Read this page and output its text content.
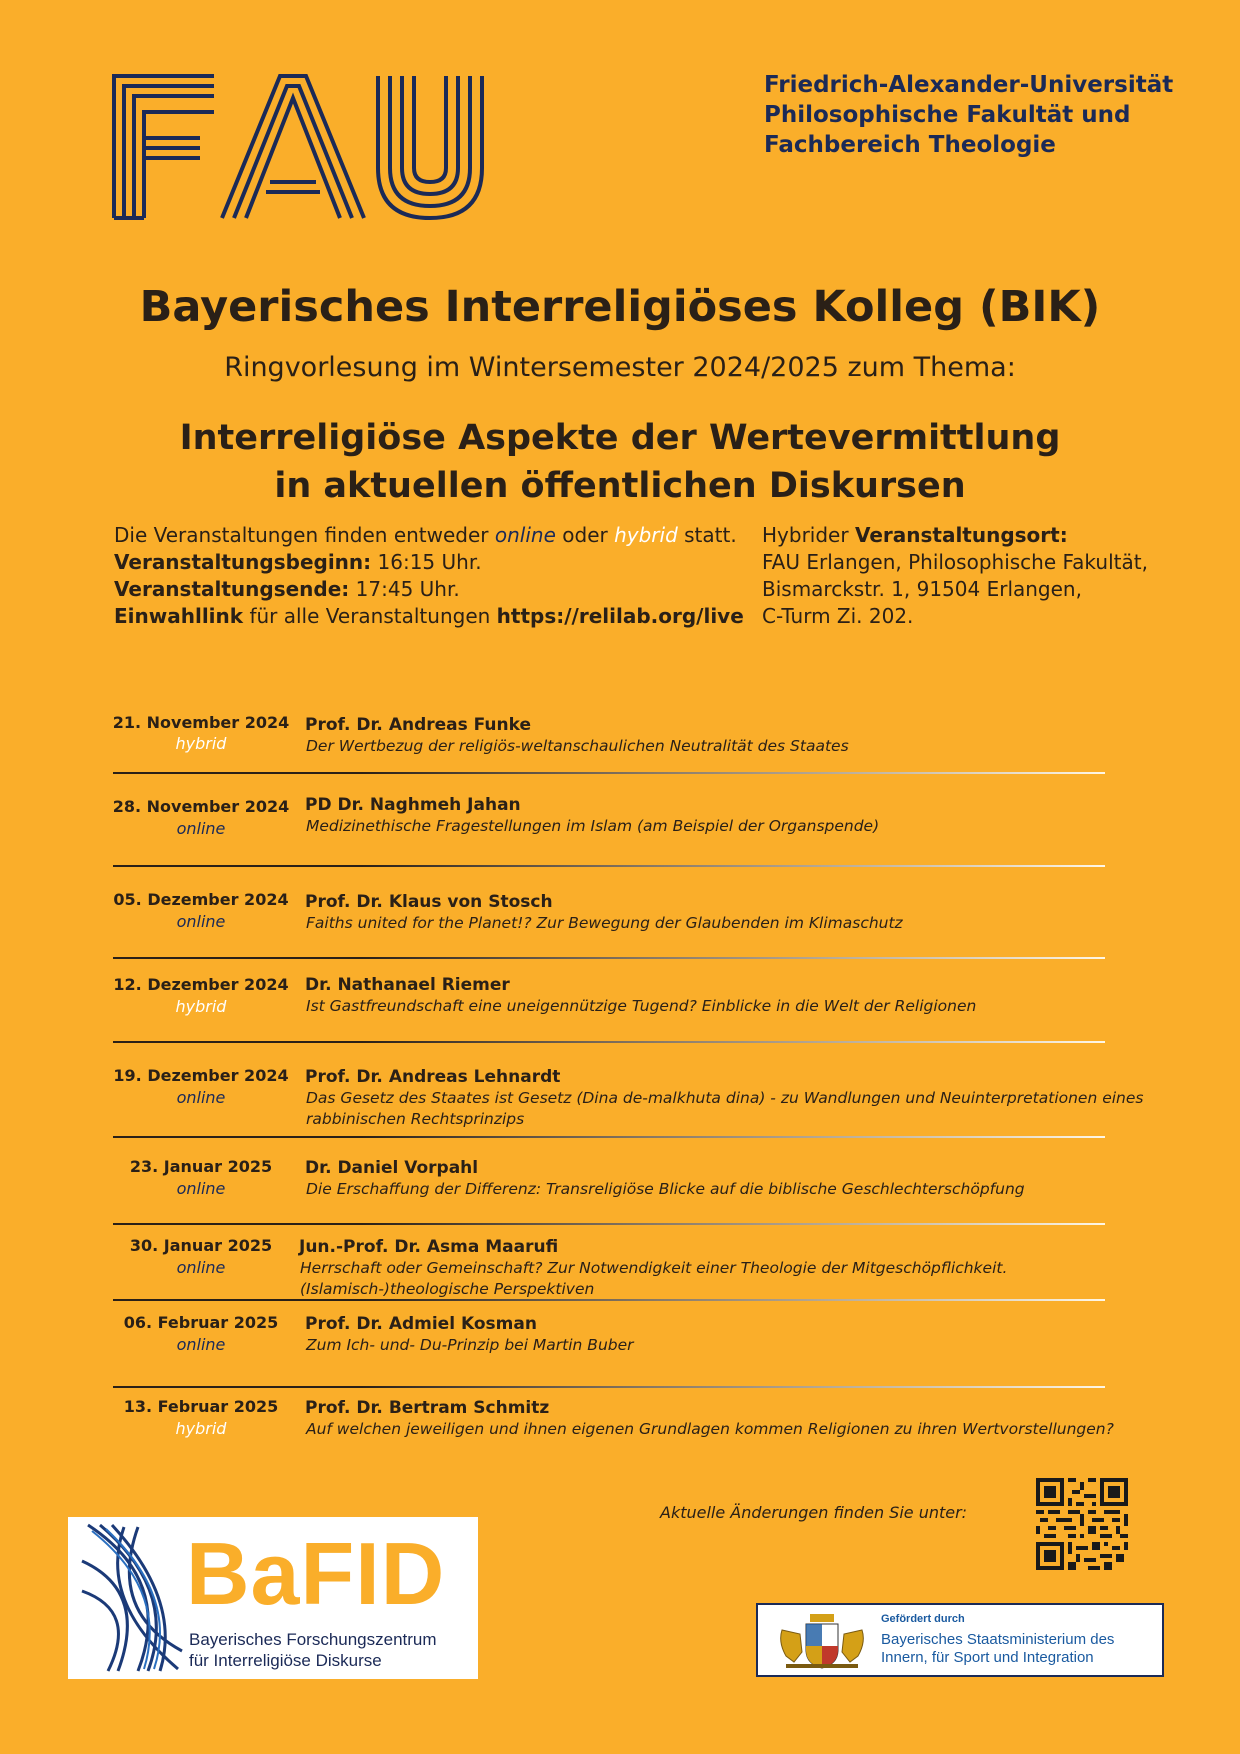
Friedrich-Alexander-Universität
Philosophische Fakultät und
Fachbereich Theologie
Bayerisches Interreligiöses Kolleg (BIK)
Ringvorlesung im Wintersemester 2024/2025 zum Thema:
Interreligiöse Aspekte der Wertevermittlung
in aktuellen öffentlichen Diskursen
Die Veranstaltungen finden entweder online oder hybrid statt.
Veranstaltungsbeginn: 16:15 Uhr.
Veranstaltungsende: 17:45 Uhr.
Einwahllink für alle Veranstaltungen https://relilab.org/live
Hybrider Veranstaltungsort:
FAU Erlangen, Philosophische Fakultät,
Bismarckstr. 1, 91504 Erlangen,
C-Turm Zi. 202.
21. November 2024
hybrid
Prof. Dr. Andreas Funke
Der Wertbezug der religiös-weltanschaulichen Neutralität des Staates
28. November 2024
online
PD Dr. Naghmeh Jahan
Medizinethische Fragestellungen im Islam (am Beispiel der Organspende)
05. Dezember 2024
online
Prof. Dr. Klaus von Stosch
Faiths united for the Planet!? Zur Bewegung der Glaubenden im Klimaschutz
12. Dezember 2024
hybrid
Dr. Nathanael Riemer
Ist Gastfreundschaft eine uneigennützige Tugend? Einblicke in die Welt der Religionen
19. Dezember 2024
online
Prof. Dr. Andreas Lehnardt
Das Gesetz des Staates ist Gesetz (Dina de-malkhuta dina) - zu Wandlungen und Neuinterpretationen eines
rabbinischen Rechtsprinzips
23. Januar 2025
online
Dr. Daniel Vorpahl
Die Erschaffung der Differenz: Transreligiöse Blicke auf die biblische Geschlechterschöpfung
30. Januar 2025
online
Jun.-Prof. Dr. Asma Maarufi
Herrschaft oder Gemeinschaft? Zur Notwendigkeit einer Theologie der Mitgeschöpflichkeit.
(Islamisch-)theologische Perspektiven
06. Februar 2025
online
Prof. Dr. Admiel Kosman
Zum Ich- und- Du-Prinzip bei Martin Buber
13. Februar 2025
hybrid
Prof. Dr. Bertram Schmitz
Auf welchen jeweiligen und ihnen eigenen Grundlagen kommen Religionen zu ihren Wertvorstellungen?
Aktuelle Änderungen finden Sie unter:
BaFID
Bayerisches Forschungszentrum
für Interreligiöse Diskurse
Gefördert durch
Bayerisches Staatsministerium des
Innern, für Sport und Integration
